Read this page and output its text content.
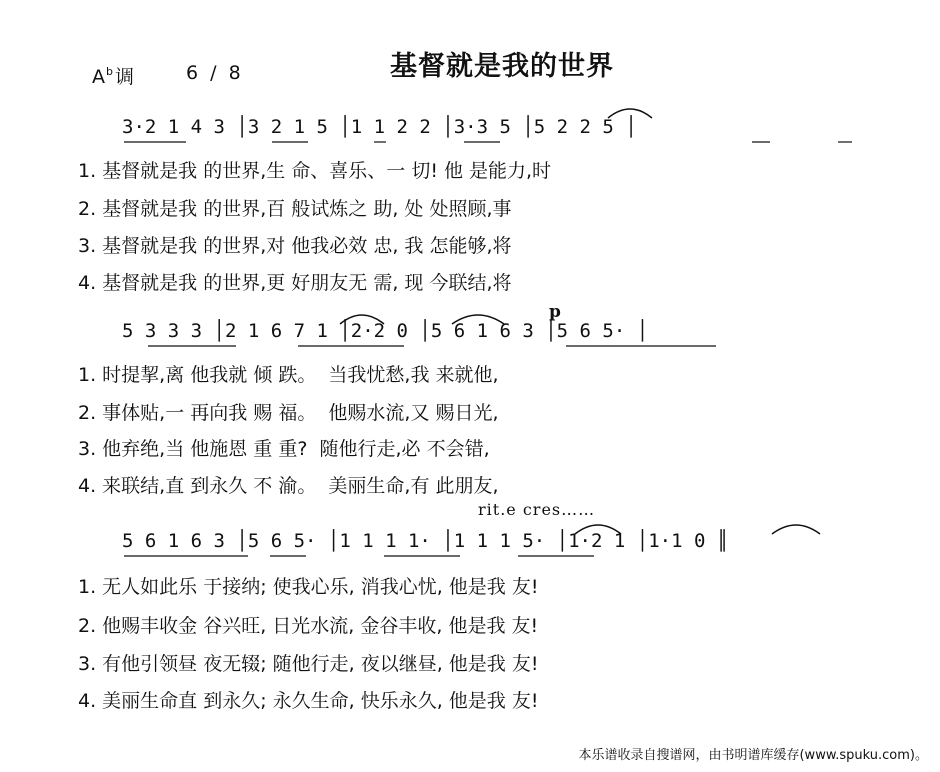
基督就是我的世界
$A^b$ 调	6 / 8
3·2 1 4 3 │3 2 1 5 │1 1 2 2 │3·3 5 │5 2 2 5 │
1. 基督就是我 的世界,生 命、喜乐、一 切! 他 是能力,时
2. 基督就是我 的世界,百 般试炼之 助, 处 处照顾,事
3. 基督就是我 的世界,对 他我必效 忠, 我 怎能够,将
4. 基督就是我 的世界,更 好朋友无 需, 现 今联结,将
p
5 3 3 3 │2 1 6 7 1 │2·2 0 │5 6 1 6 3 │5 6 5· │
1. 时提挈,离 他我就 倾 跌。  当我忧愁,我 来就他,
2. 事体贴,一 再向我 赐 福。  他赐水流,又 赐日光,
3. 他弃绝,当 他施恩 重 重?  随他行走,必 不会错,
4. 来联结,直 到永久 不 渝。  美丽生命,有 此朋友,
rit.e cres……
5 6 1 6 3 │5 6 5· │1 1 1 1· │1 1 1 5· │1·2 1 │1·1 0 ║
1. 无人如此乐 于接纳; 使我心乐, 消我心忧, 他是我 友!
2. 他赐丰收金 谷兴旺, 日光水流, 金谷丰收, 他是我 友!
3. 有他引领昼 夜无辍; 随他行走, 夜以继昼, 他是我 友!
4. 美丽生命直 到永久; 永久生命, 快乐永久, 他是我 友!
本乐谱收录自搜谱网，由书明谱库缓存(www.spuku.com)。
